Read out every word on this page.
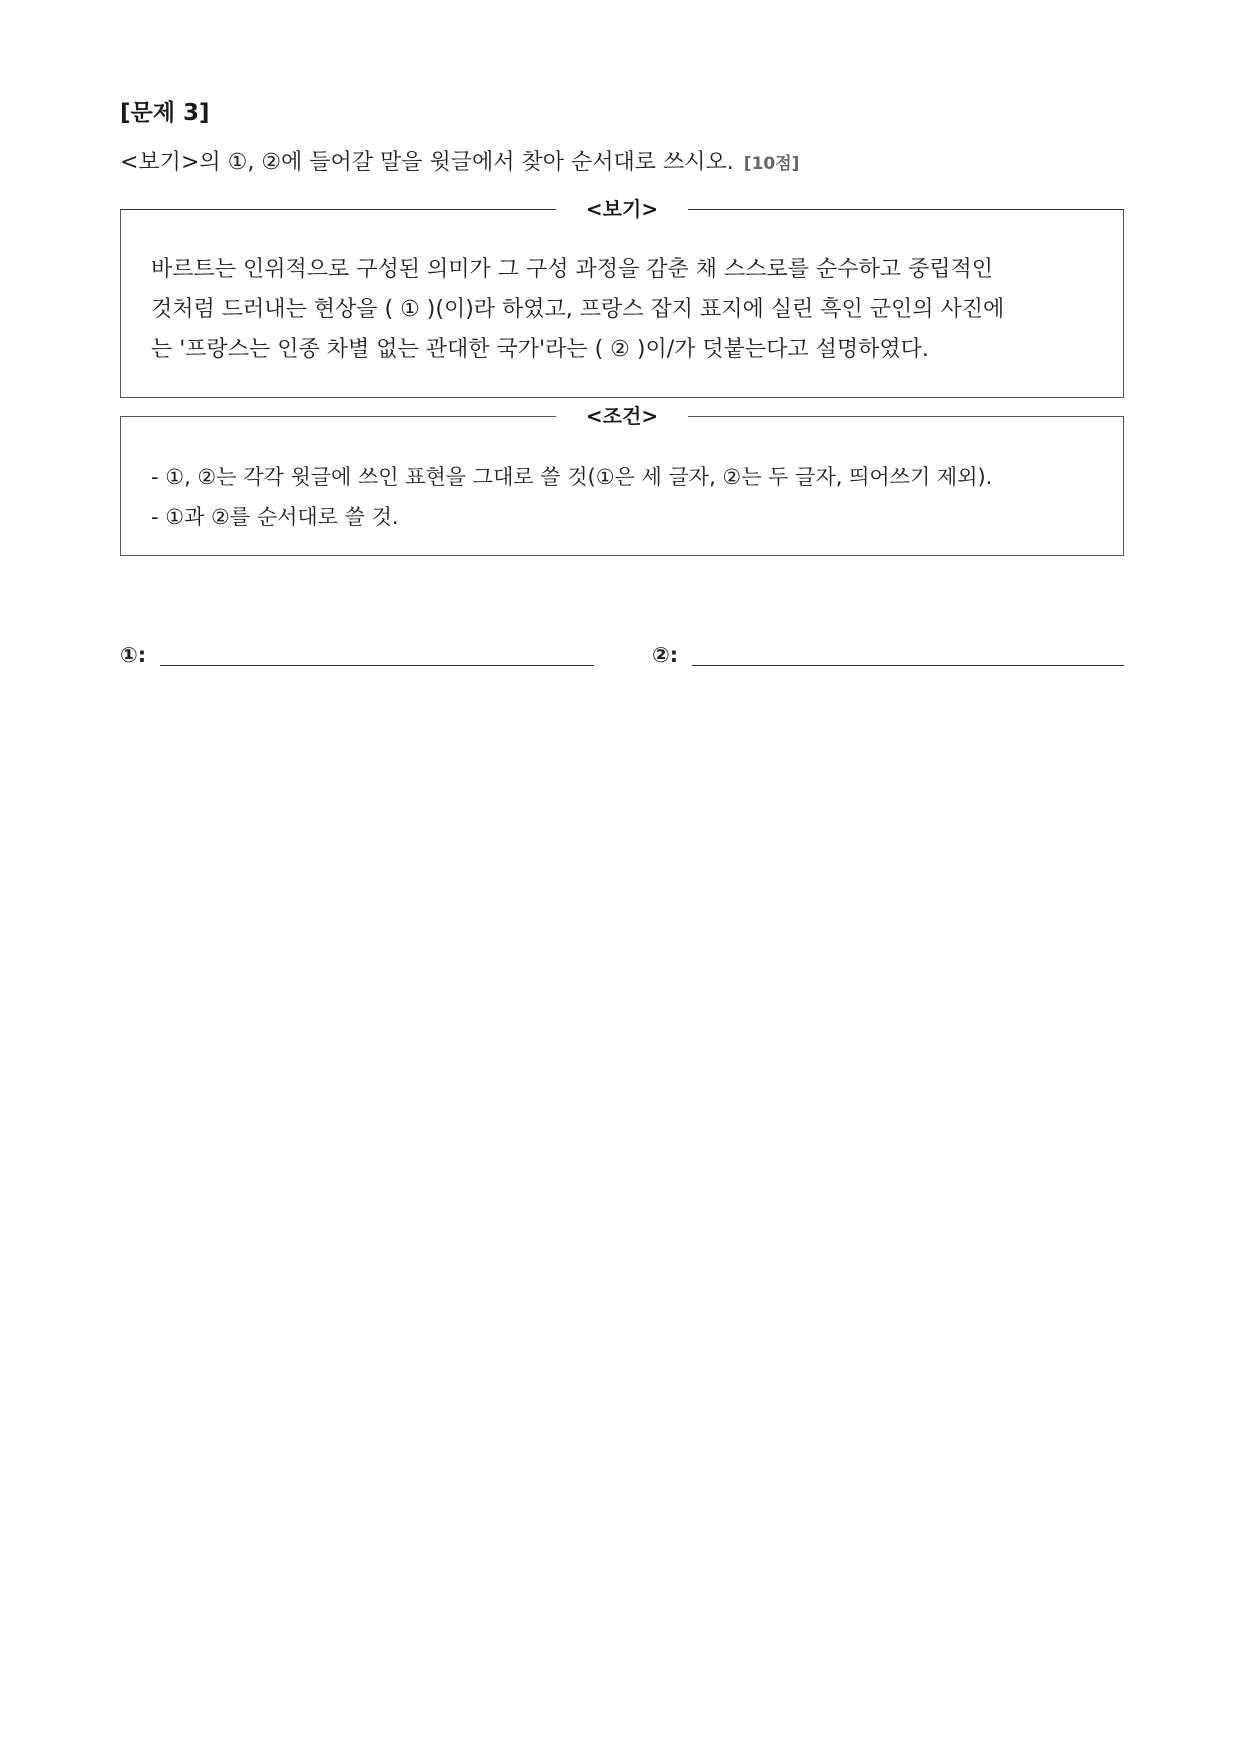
[문제 3]
<보기>의 ①, ②에 들어갈 말을 윗글에서 찾아 순서대로 쓰시오. [10점]
<보기>
바르트는 인위적으로 구성된 의미가 그 구성 과정을 감춘 채 스스로를 순수하고 중립적인
것처럼 드러내는 현상을 ( ① )(이)라 하였고, 프랑스 잡지 표지에 실린 흑인 군인의 사진에
는 '프랑스는 인종 차별 없는 관대한 국가'라는 ( ② )이/가 덧붙는다고 설명하였다.
<조건>
- ①, ②는 각각 윗글에 쓰인 표현을 그대로 쓸 것(①은 세 글자, ②는 두 글자, 띄어쓰기 제외).
- ①과 ②를 순서대로 쓸 것.
①:	②:
